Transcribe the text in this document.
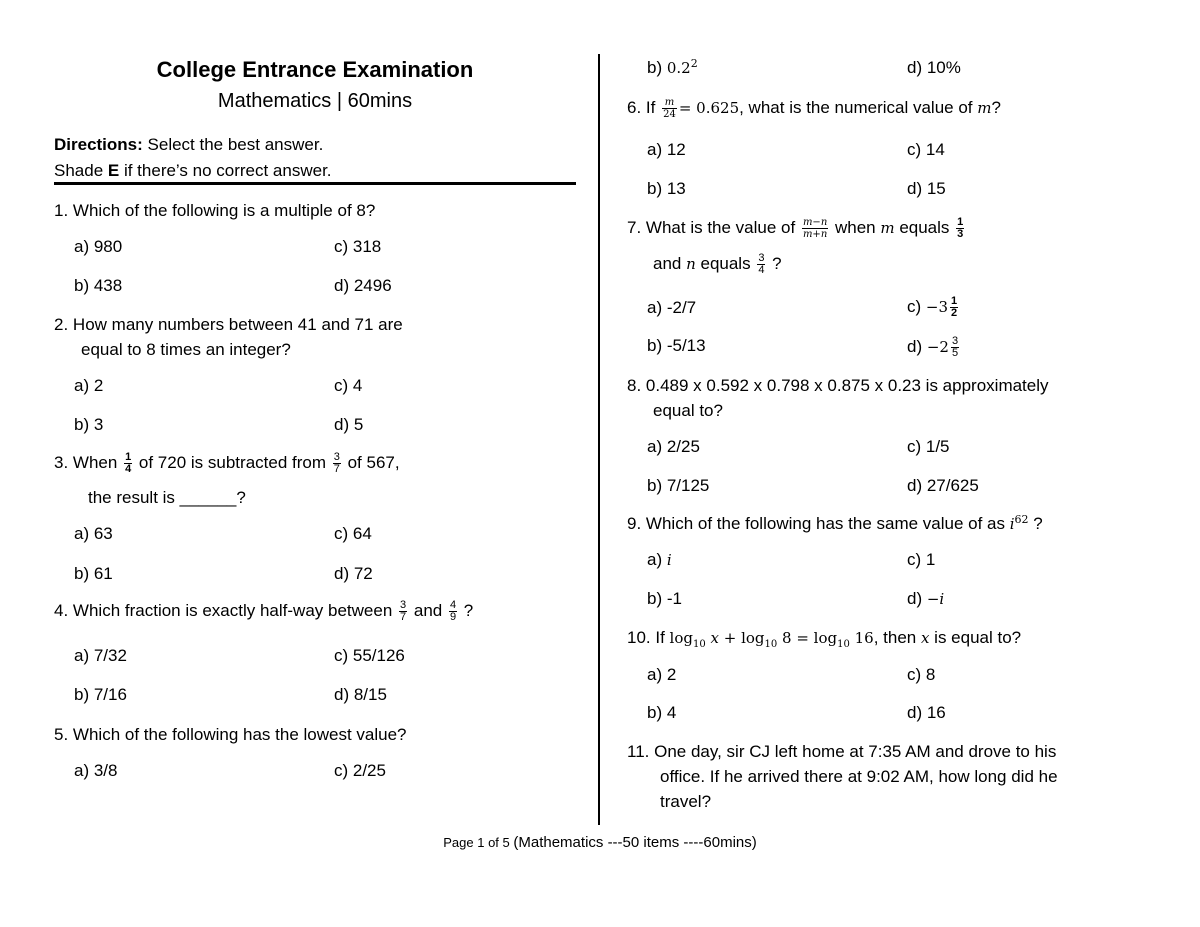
College Entrance Examination
Mathematics | 60mins
Directions: Select the best answer.
Shade E if there’s no correct answer.
1. Which of the following is a multiple of 8?
a) 980	c) 318
b) 438	d) 2496
2. How many numbers between 41 and 71 are
equal to 8 times an integer?
a) 2	c) 4
b) 3	d) 5
3. When $\frac{1}{4}$ of 720 is subtracted from $\frac{3}{7}$ of 567,
the result is ______?
a) 63	c) 64
b) 61	d) 72
4. Which fraction is exactly half-way between $\frac{3}{7}$ and $\frac{4}{9}$ ?
a) 7/32	c) 55/126
b) 7/16	d) 8/15
5. Which of the following has the lowest value?
a) 3/8	c) 2/25
b) $0.2^2$	d) 10%
6. If $\frac{m}{24} = 0.625$, what is the numerical value of m?
a) 12	c) 14
b) 13	d) 15
7. What is the value of $\frac{m-n}{m+n}$ when m equals $\frac{1}{3}$
and n equals $\frac{3}{4}$ ?
a) -2/7	$c) -3 \frac{1}{2}$
b) -5/13	$d) -2 \frac{3}{5}$
8. 0.489 x 0.592 x 0.798 x 0.875 x 0.23 is approximately
equal to?
a) 2/25	c) 1/5
b) 7/125	d) 27/625
9. Which of the following has the same value of as $i^{62}$ ?
a) i	c) 1
b) -1	d) −i
10. If $\log_{10} x + \log_{10} 8 = \log_{10} 16$, then x is equal to?
a) 2	c) 8
b) 4	d) 16
11. One day, sir CJ left home at 7:35 AM and drove to his
office. If he arrived there at 9:02 AM, how long did he
travel?
Page 1 of 5 (Mathematics ---50 items ----60mins)
